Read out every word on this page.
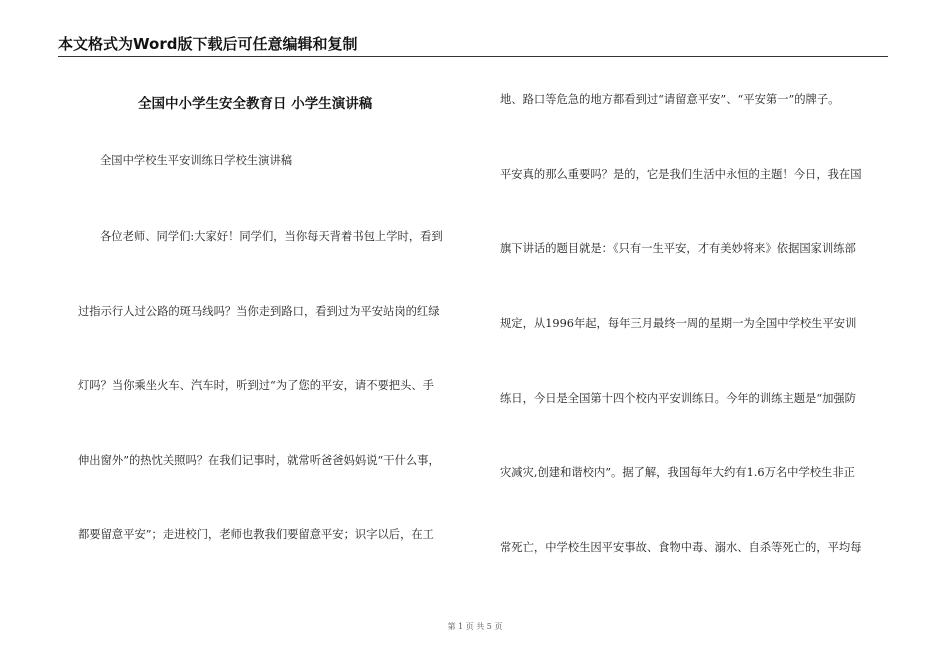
本文格式为Word版下载后可任意编辑和复制
全国中小学生安全教育日 小学生演讲稿
全国中学校生平安训练日学校生演讲稿
各位老师、同学们:大家好！同学们，当你每天背着书包上学时，看到
过指示行人过公路的斑马线吗？当你走到路口，看到过为平安站岗的红绿
灯吗？当你乘坐火车、汽车时，听到过“为了您的平安，请不要把头、手
伸出窗外”的热忱关照吗？在我们记事时，就常听爸爸妈妈说“干什么事，
都要留意平安”；走进校门，老师也教我们要留意平安；识字以后，在工
地、路口等危急的地方都看到过“请留意平安”、“平安第一”的牌子。
平安真的那么重要吗？是的，它是我们生活中永恒的主题！今日，我在国
旗下讲话的题目就是：《只有一生平安，才有美妙将来》依据国家训练部
规定，从1996年起，每年三月最终一周的星期一为全国中学校生平安训
练日，今日是全国第十四个校内平安训练日。今年的训练主题是“加强防
灾减灾,创建和谐校内”。据了解，我国每年大约有1.6万名中学校生非正
常死亡，中学校生因平安事故、食物中毒、溺水、自杀等死亡的，平均每
第 1 页 共 5 页
